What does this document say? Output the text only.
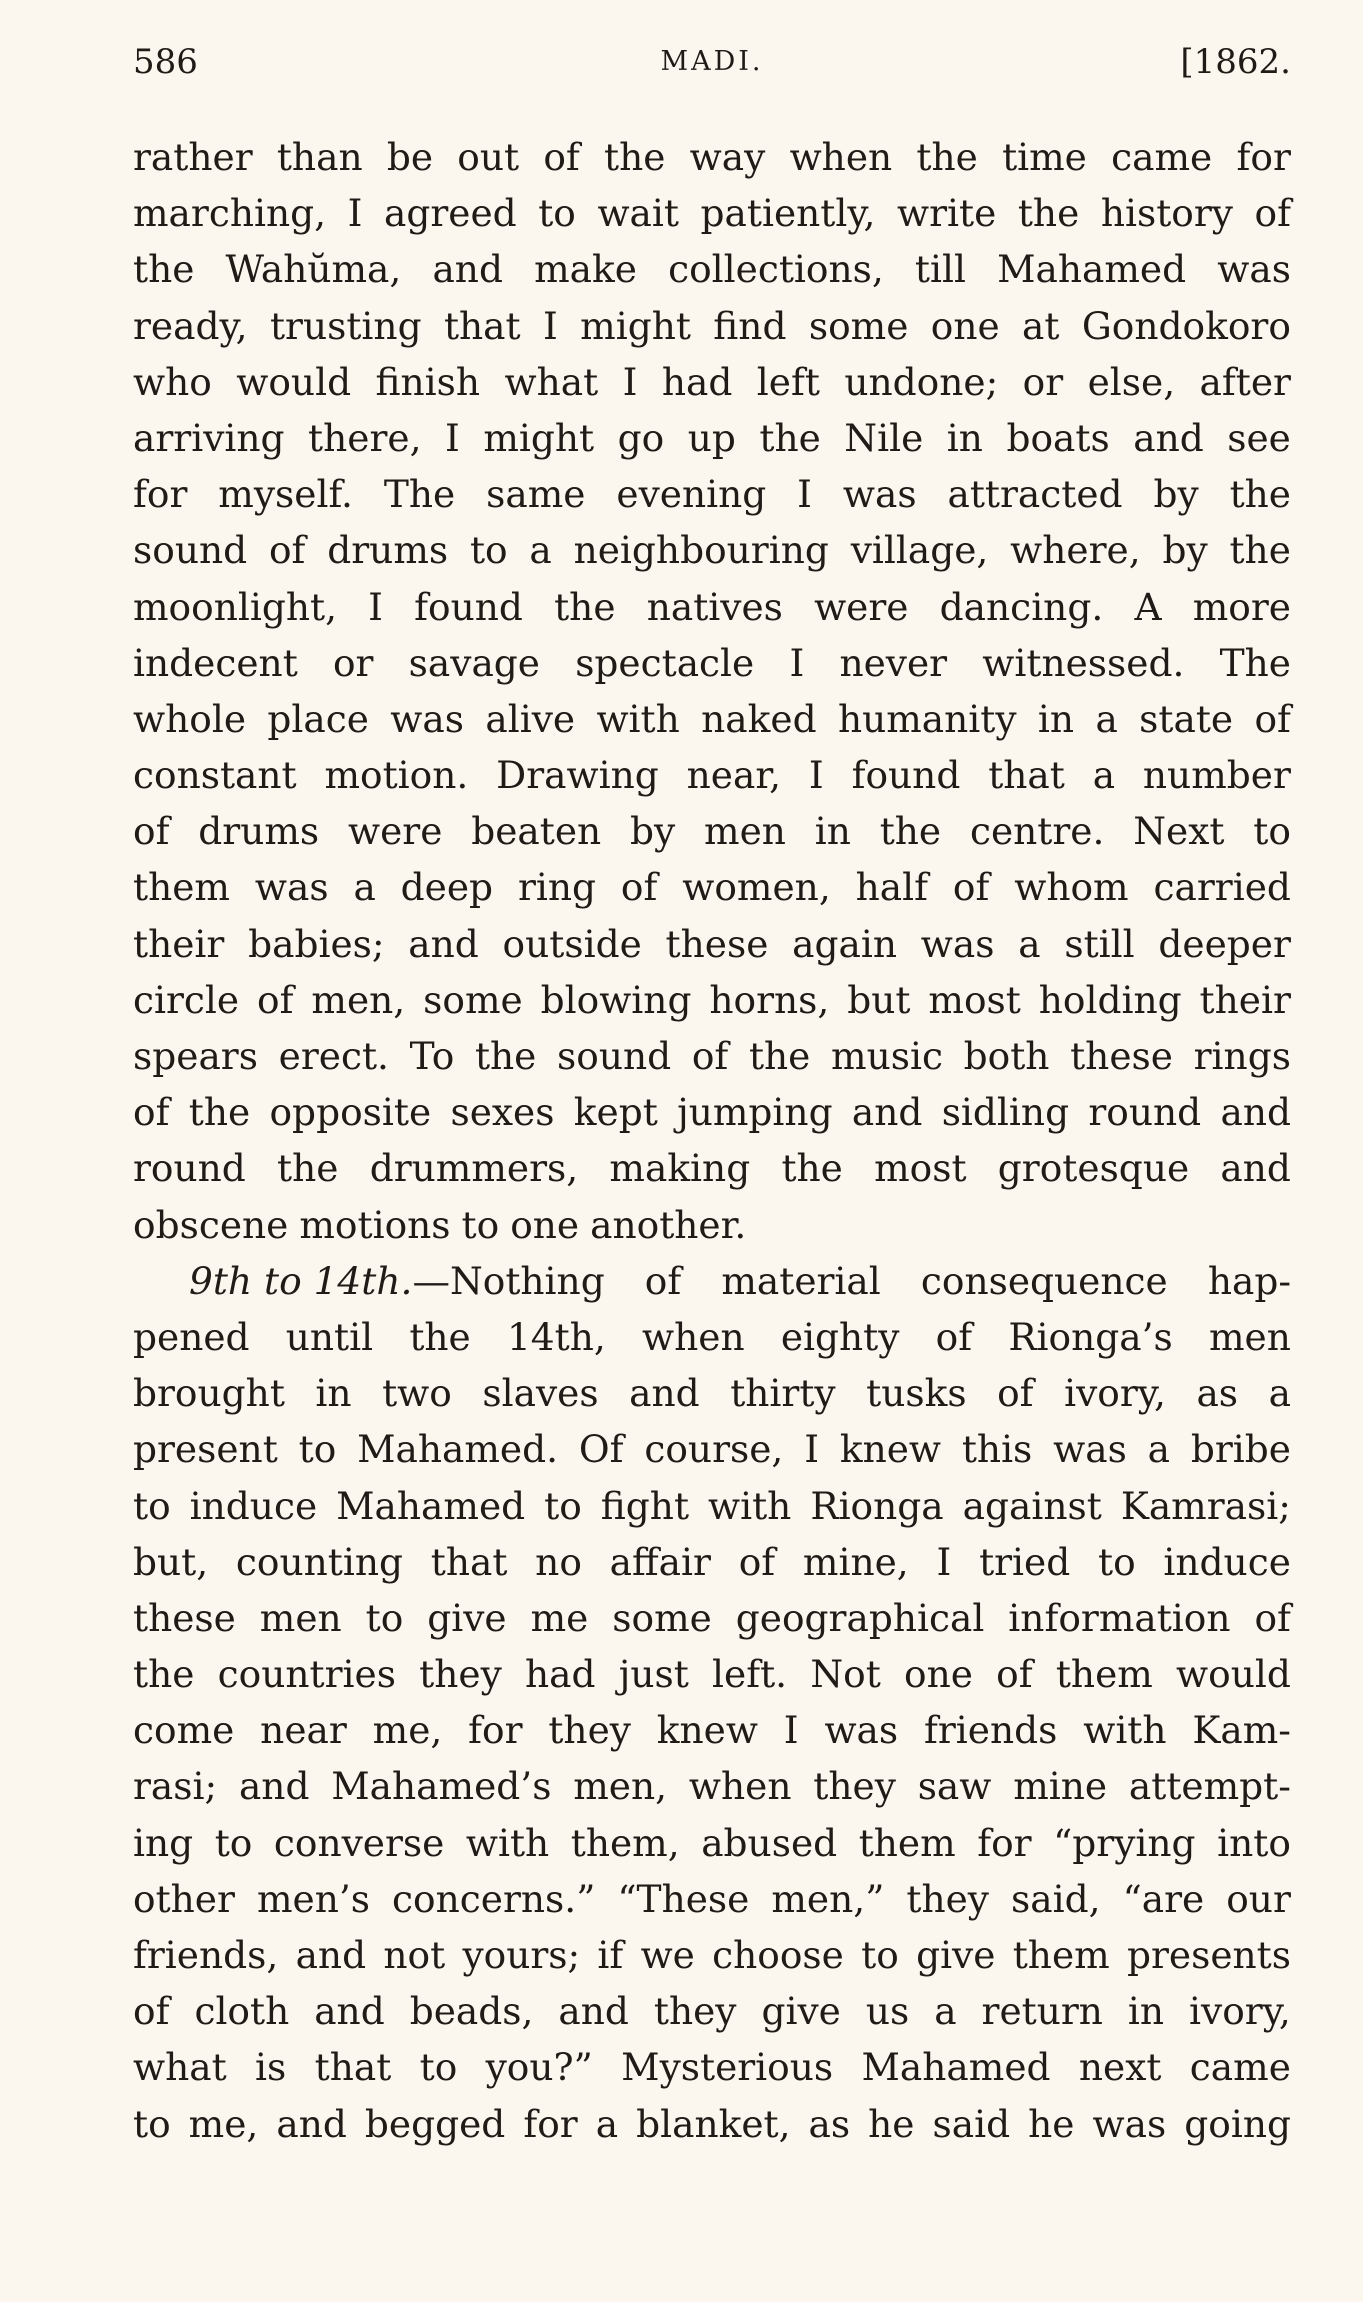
586	MADI.	[1862.
rather than be out of the way when the time came for
marching, I agreed to wait patiently, write the history of
the Wahŭma, and make collections, till Mahamed was
ready, trusting that I might find some one at Gondokoro
who would finish what I had left undone; or else, after
arriving there, I might go up the Nile in boats and see
for myself. The same evening I was attracted by the
sound of drums to a neighbouring village, where, by the
moonlight, I found the natives were dancing. A more
indecent or savage spectacle I never witnessed. The
whole place was alive with naked humanity in a state of
constant motion. Drawing near, I found that a number
of drums were beaten by men in the centre. Next to
them was a deep ring of women, half of whom carried
their babies; and outside these again was a still deeper
circle of men, some blowing horns, but most holding their
spears erect. To the sound of the music both these rings
of the opposite sexes kept jumping and sidling round and
round the drummers, making the most grotesque and
obscene motions to one another.
9th to 14th.—Nothing of material consequence hap-
pened until the 14th, when eighty of Rionga’s men
brought in two slaves and thirty tusks of ivory, as a
present to Mahamed. Of course, I knew this was a bribe
to induce Mahamed to fight with Rionga against Kamrasi;
but, counting that no affair of mine, I tried to induce
these men to give me some geographical information of
the countries they had just left. Not one of them would
come near me, for they knew I was friends with Kam-
rasi; and Mahamed’s men, when they saw mine attempt-
ing to converse with them, abused them for “prying into
other men’s concerns.” “These men,” they said, “are our
friends, and not yours; if we choose to give them presents
of cloth and beads, and they give us a return in ivory,
what is that to you?” Mysterious Mahamed next came
to me, and begged for a blanket, as he said he was going
